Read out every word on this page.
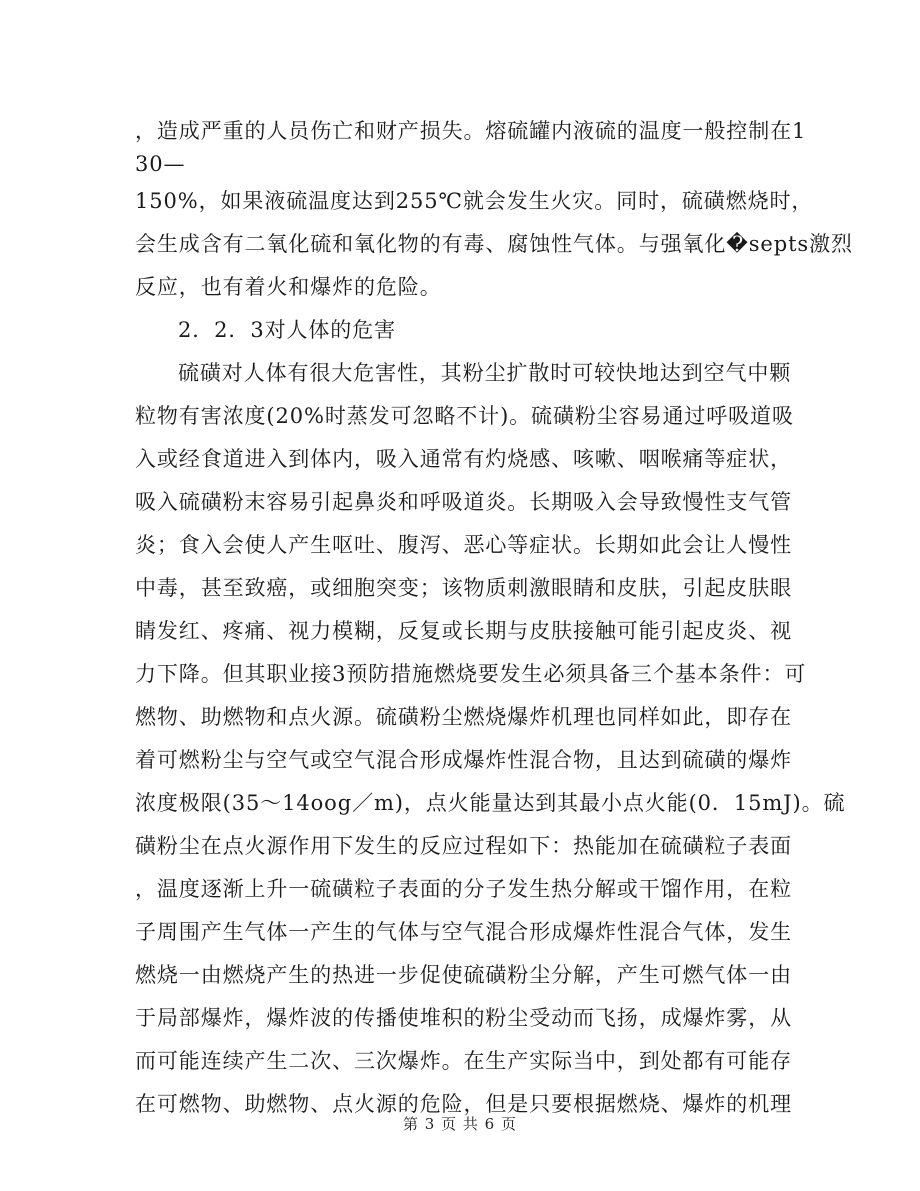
，造成严重的人员伤亡和财产损失。熔硫罐内液硫的温度一般控制在1
30—
150%，如果液硫温度达到255℃就会发生火灾。同时，硫磺燃烧时，
会生成含有二氧化硫和氧化物的有毒、腐蚀性气体。与强氧化�septs激烈
反应，也有着火和爆炸的危险。
2．2．3对人体的危害
硫磺对人体有很大危害性，其粉尘扩散时可较快地达到空气中颗
粒物有害浓度(20%时蒸发可忽略不计)。硫磺粉尘容易通过呼吸道吸
入或经食道进入到体内，吸入通常有灼烧感、咳嗽、咽喉痛等症状，
吸入硫磺粉末容易引起鼻炎和呼吸道炎。长期吸入会导致慢性支气管
炎；食入会使人产生呕吐、腹泻、恶心等症状。长期如此会让人慢性
中毒，甚至致癌，或细胞突变；该物质刺激眼睛和皮肤，引起皮肤眼
睛发红、疼痛、视力模糊，反复或长期与皮肤接触可能引起皮炎、视
力下降。但其职业接3预防措施燃烧要发生必须具备三个基本条件：可
燃物、助燃物和点火源。硫磺粉尘燃烧爆炸机理也同样如此，即存在
着可燃粉尘与空气或空气混合形成爆炸性混合物，且达到硫磺的爆炸
浓度极限(35～14oog／m)，点火能量达到其最小点火能(0．15mJ)。硫
磺粉尘在点火源作用下发生的反应过程如下：热能加在硫磺粒子表面
，温度逐渐上升一硫磺粒子表面的分子发生热分解或干馏作用，在粒
子周围产生气体一产生的气体与空气混合形成爆炸性混合气体，发生
燃烧一由燃烧产生的热进一步促使硫磺粉尘分解，产生可燃气体一由
于局部爆炸，爆炸波的传播使堆积的粉尘受动而飞扬，成爆炸雾，从
而可能连续产生二次、三次爆炸。在生产实际当中，到处都有可能存
在可燃物、助燃物、点火源的危险，但是只要根据燃烧、爆炸的机理
第 3 页 共 6 页
